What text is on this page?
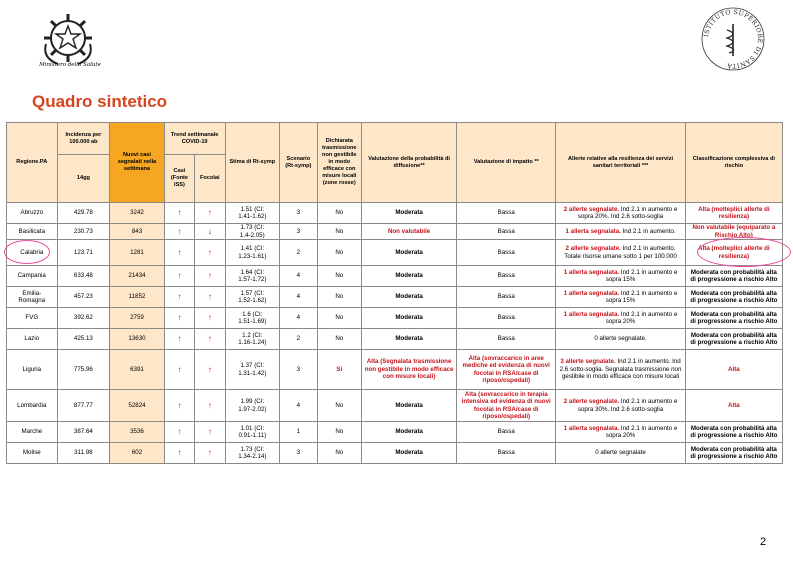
Ministero della Salute
ISTITUTO SUPERIORE DI SANITÀ
Quadro sintetico
Regione.PA	Incidenza per 100.000 ab	Nuovi casi segnalati nella settimana	Trend settimanale COVID-19		Stima di Rt-symp	Scenario (Rt-symp)	Dichiarata trasmissione non gestibile in modo efficace con misure locali (zone rosse)	Valutazione della probabilità di diffusione**	Valutazione di impatto **	Allerte relative alla resilienza dei servizi sanitari territoriali ***	Classificazione complessiva di rischio
	14gg		Casi (Fonte ISS)	Focolai							
Abruzzo	429.78	3242	↑	↑	1.51 (CI:
1.41-1.62)	3	No	Moderata	Bassa	2 allerte segnalate. Ind 2.1 in aumento e sopra 20%. Ind 2.6 sotto-soglia	Alta (molteplici allerte di resilienza)
Basilicata	230.73	843	↑	↓	1.73 (CI:
1.4-2.05)	3	No	Non valutabile	Bassa	1 allerta segnalata. Ind 2.1 in aumento.	Non valutabile (equiparato a Rischio Alto)
Calabria	123.71	1281	↑	↑	1.41 (CI:
1.23-1.61)	2	No	Moderata	Bassa	2 allerte segnalate. Ind 2.1 in aumento. Totale risorse umane sotto 1 per 100.000	Alta (molteplici allerte di resilienza)
Campania	633.48	21434	↑	↑	1.64 (CI:
1.57-1.72)	4	No	Moderata	Bassa	1 allerta segnalata. Ind 2.1 in aumento e sopra 15%	Moderata con probabilità alta di progressione a rischio Alto
Emilia-Romagna	457.23	11852	↑	↑	1.57 (CI:
1.52-1.62)	4	No	Moderata	Bassa	1 allerta segnalata. Ind 2.1 in aumento e sopra 15%	Moderata con probabilità alta di progressione a rischio Alto
FVG	392.62	2759	↑	↑	1.6 (CI:
1.51-1.69)	4	No	Moderata	Bassa	1 allerta segnalata. Ind 2.1 in aumento e sopra 20%	Moderata con probabilità alta di progressione a rischio Alto
Lazio	425.13	13630	↑	↑	1.2 (CI:
1.16-1.24)	2	No	Moderata	Bassa	0 allerte segnalate.	Moderata con probabilità alta di progressione a rischio Alto
Liguria	775.96	6391	↑	↑	1.37 (CI:
1.31-1.42)	3	Si	Alta (Segnalata trasmissione non gestibile in modo efficace con misure locali)	Alta (sovraccarico in aree mediche ed evidenza di nuovi focolai in RSA/case di riposo/ospedali)	3 allerte segnalate. Ind 2.1 in aumento. Ind 2.6 sotto-soglia. Segnalata trasmissione non gestibile in modo efficace con misure locali	Alta
Lombardia	877.77	52824	↑	↑	1.99 (CI:
1.97-2.02)	4	No	Moderata	Alta (sovraccarico in terapia intensiva ed evidenza di nuovi focolai in RSA/case di riposo/ospedali)	2 allerte segnalate. Ind 2.1 in aumento e sopra 30%. Ind 2.6 sotto-soglia	Alta
Marche	387.64	3536	↑	↑	1.01 (CI:
0.91-1.11)	1	No	Moderata	Bassa	1 allerta segnalata. Ind 2.1 in aumento e sopra 20%	Moderata con probabilità alta di progressione a rischio Alto
Molise	311.98	602	↑	↑	1.73 (CI:
1.34-2.14)	3	No	Moderata	Bassa	0 allerte segnalate	Moderata con probabilità alta di progressione a rischio Alto
2
